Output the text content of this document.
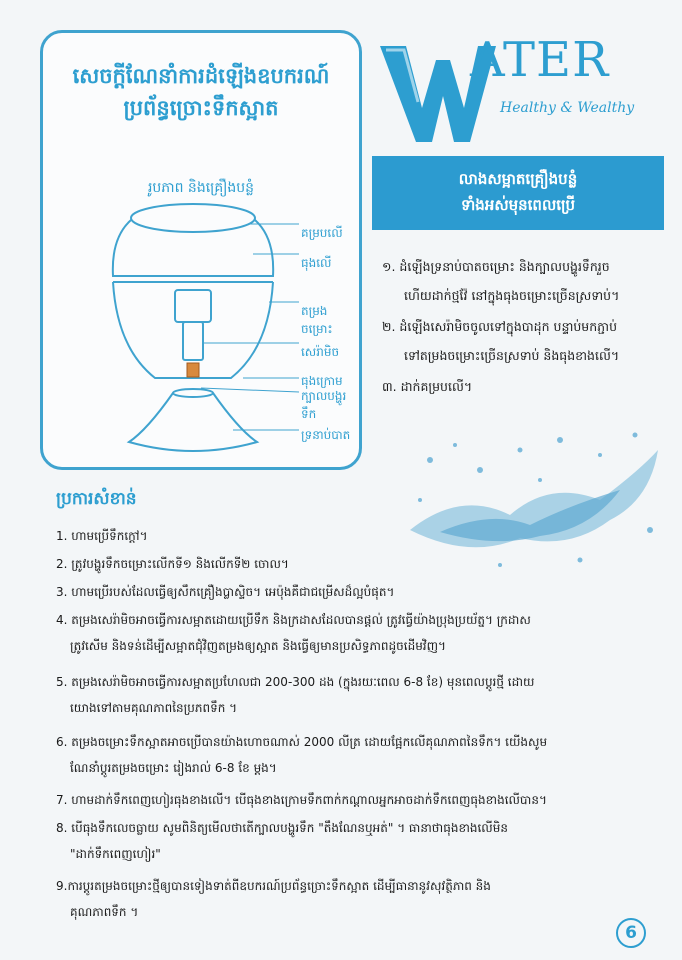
សេចក្ដីណែនាំការដំឡើងឧបករណ៍
ប្រព័ន្ធច្រោះទឹកស្អាត
រូបភាព និងគ្រឿងបន្លំ
គម្របលើ
ធុងលើ
តម្រងចម្រោះ
សេរ៉ាមិច
ធុងក្រោម
ក្បាលបង្ហូរទឹក
ទ្រនាប់បាត
ATER
Healthy & Wealthy
លាងសម្អាតគ្រឿងបន្លំ
ទាំងអស់មុនពេលប្រើ
១. ដំឡើងទ្រនាប់បាតចម្រោះ និងក្បាលបង្ហូរទឹករួច
ហើយដាក់ថ្មវ៉ែ នៅក្នុងធុងចម្រោះច្រើនស្រទាប់។
២. ដំឡើងសេរ៉ាមិចចូលទៅក្នុងបាដុក បន្ទាប់មកភ្ជាប់
ទៅតម្រងចម្រោះច្រើនស្រទាប់ និងធុងខាងលើ។
៣. ដាក់គម្របលើ។
ប្រការសំខាន់
1. ហាមប្រើទឹកក្ដៅ។
2. ត្រូវបង្ហូរទឹកចម្រោះលើកទី១ និងលើកទី២ ចោល។
3. ហាមប្រើរបស់ដែលធ្វើឲ្យសឹកគ្រឿងប្លាស្ទិច។ អេប៉ុងគឺជាជម្រើសដ៏ល្អបំផុត។
4. តម្រងសេរ៉ាមិចអាចធ្វើការសម្អាតដោយប្រើទឹក និងក្រដាសដែលបានផ្ដល់ ត្រូវធ្វើយ៉ាងប្រុងប្រយ័ត្ន។ ក្រដាស
ត្រូវសើម និងទន់ដើម្បីសម្អាតជុំវិញតម្រងឲ្យស្អាត និងធ្វើឲ្យមានប្រសិទ្ធភាពដូចដើមវិញ។
5. តម្រងសេរ៉ាមិចអាចធ្វើការសម្អាតប្រហែលជា 200-300 ដង (ក្នុងរយៈពេល 6-8 ខែ) មុនពេលប្ដូរថ្មី ដោយ
យោងទៅតាមគុណភាពនៃប្រភពទឹក ។
6. តម្រងចម្រោះទឹកស្អាតអាចប្រើបានយ៉ាងហោចណាស់ 2000 លីត្រ ដោយផ្អែកលើគុណភាពនៃទឹក។ យើងសូម
ណែនាំប្ដូរតម្រងចម្រោះ រៀងរាល់ 6-8 ខែ ម្ដង។
7. ហាមដាក់ទឹកពេញហៀរធុងខាងលើ។ បើធុងខាងក្រោមទឹកពាក់កណ្ដាលអ្នកអាចដាក់ទឹកពេញធុងខាងលើបាន។
8. បើធុងទឹកលេចធ្លាយ សូមពិនិត្យមើលថាតើក្បាលបង្ហូរទឹក "តឹងណែនឬអត់" ។ ធានាថាធុងខាងលើមិន
"ដាក់ទឹកពេញហៀរ"
9.ការប្ដូរតម្រងចម្រោះថ្មីឲ្យបានទៀងទាត់ពីឧបករណ៍ប្រព័ន្ធច្រោះទឹកស្អាត ដើម្បីធានានូវសុវត្ថិភាព និង
គុណភាពទឹក ។
6
